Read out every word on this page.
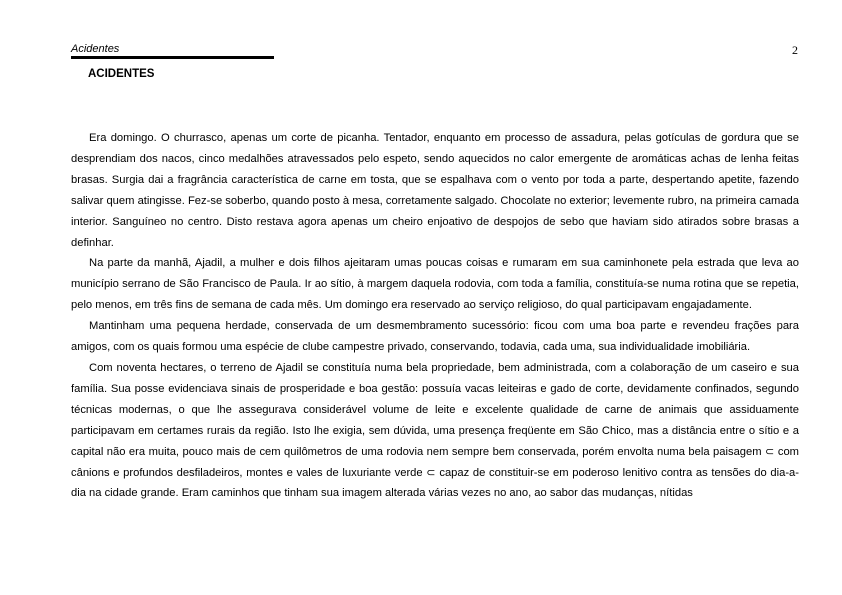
Acidentes	2
ACIDENTES

Era domingo. O churrasco, apenas um corte de picanha. Tentador, enquanto em processo de assadura, pelas gotículas de gordura que se desprendiam dos nacos, cinco medalhões atravessados pelo espeto, sendo aquecidos no calor emergente de aromáticas achas de lenha feitas brasas. Surgia dai a fragrância característica de carne em tosta, que se espalhava com o vento por toda a parte, despertando apetite, fazendo salivar quem atingisse. Fez-se soberbo, quando posto à mesa, corretamente salgado. Chocolate no exterior; levemente rubro, na primeira camada interior. Sanguíneo no centro. Disto restava agora apenas um cheiro enjoativo de despojos de sebo que haviam sido atirados sobre brasas a definhar.

Na parte da manhã, Ajadil, a mulher e dois filhos ajeitaram umas poucas coisas e rumaram em sua caminhonete pela estrada que leva ao município serrano de São Francisco de Paula. Ir ao sítio, à margem daquela rodovia, com toda a família, constituía-se numa rotina que se repetia, pelo menos, em três fins de semana de cada mês. Um domingo era reservado ao serviço religioso, do qual participavam engajadamente.

Mantinham uma pequena herdade, conservada de um desmembramento sucessório: ficou com uma boa parte e revendeu frações para amigos, com os quais formou uma espécie de clube campestre privado, conservando, todavia, cada uma, sua individualidade imobiliária.

Com noventa hectares, o terreno de Ajadil se constituía numa bela propriedade, bem administrada, com a colaboração de um caseiro e sua família. Sua posse evidenciava sinais de prosperidade e boa gestão: possuía vacas leiteiras e gado de corte, devidamente confinados, segundo técnicas modernas, o que lhe assegurava considerável volume de leite e excelente qualidade de carne de animais que assiduamente participavam em certames rurais da região. Isto lhe exigia, sem dúvida, uma presença freqüente em São Chico, mas a distância entre o sítio e a capital não era muita, pouco mais de cem quilômetros de uma rodovia nem sempre bem conservada, porém envolta numa bela paisagem ⊂ com cânions e profundos desfiladeiros, montes e vales de luxuriante verde ⊂ capaz de constituir-se em poderoso lenitivo contra as tensões do dia-a-dia na cidade grande. Eram caminhos que tinham sua imagem alterada várias vezes no ano, ao sabor das mudanças, nítidas
